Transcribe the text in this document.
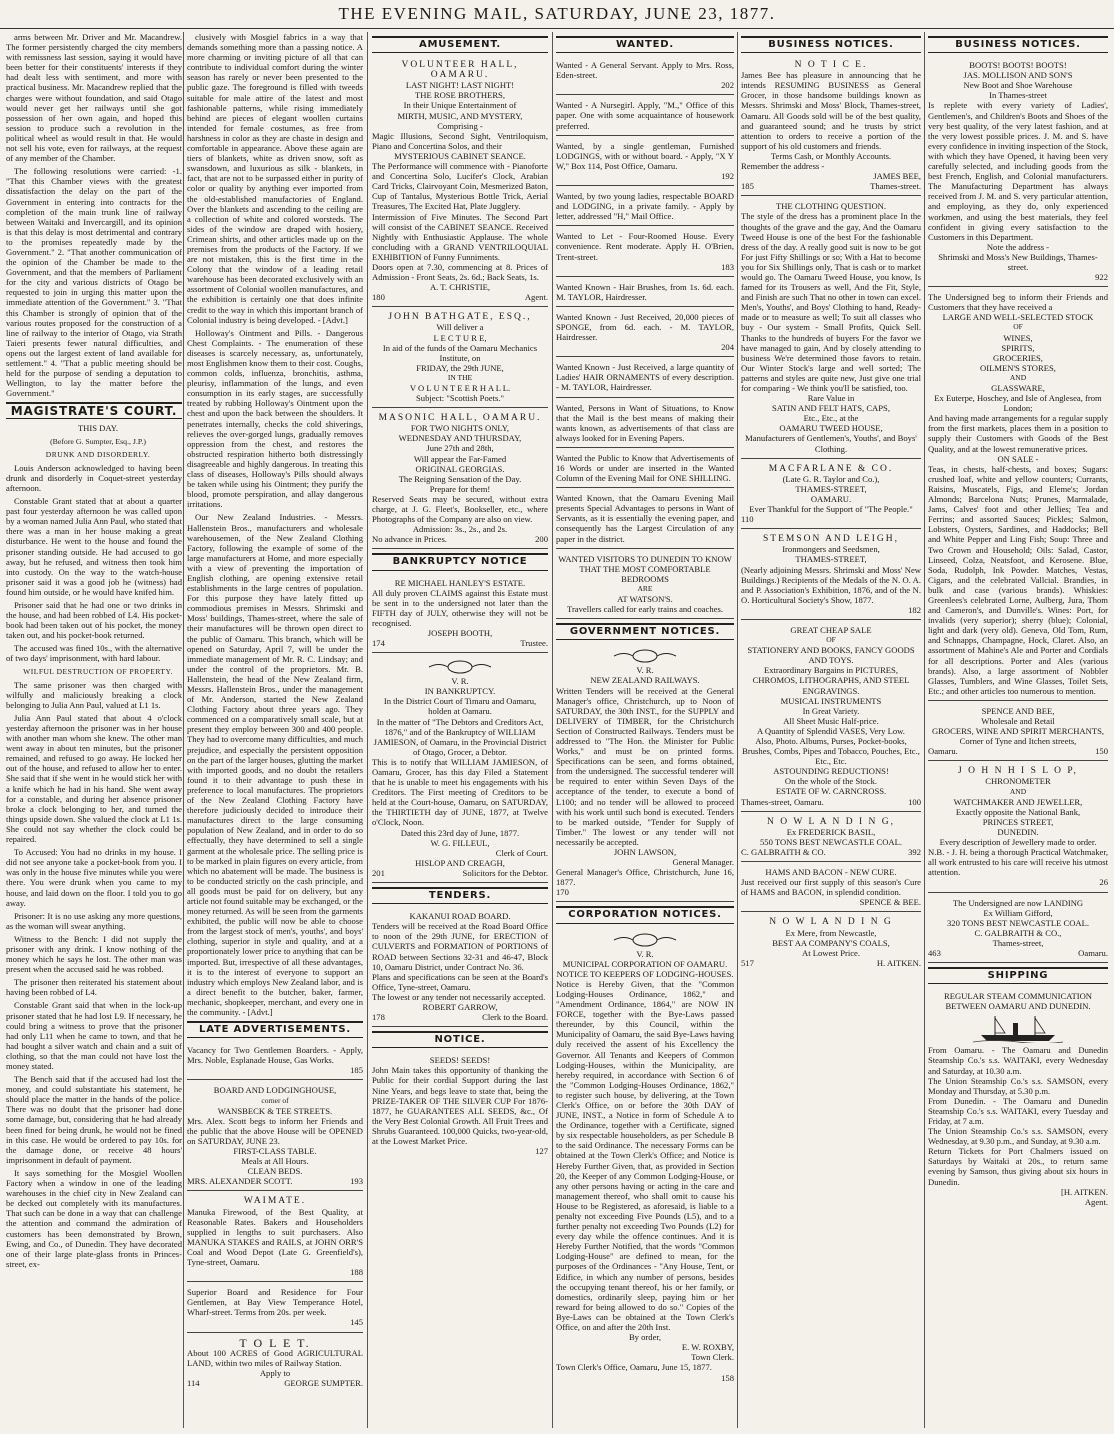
THE EVENING MAIL, SATURDAY, JUNE 23, 1877.

arms between Mr. Driver and Mr. Macandrew. The former persistently charged the city members with remissness last session, saying it would have been better for their constituents' interests if they had dealt less with sentiment, and more with practical business. Mr. Macandrew replied that the charges were without foundation, and said Otago would never get her railways until she got possession of her own again, and hoped this session to produce such a revolution in the political wheel as would result in that. He would not sell his vote, even for railways, at the request of any member of the Chamber.

The following resolutions were carried: -1. "That this Chamber views with the greatest dissatisfaction the delay on the part of the Government in entering into contracts for the completion of the main trunk line of railway between Waitaki and Invercargill, and its opinion is that this delay is most detrimental and contrary to the promises repeatedly made by the Government." 2. "That another communication of the opinion of the Chamber be made to the Government, and that the members of Parliament for the city and various districts of Otago be requested to join in urging this matter upon the immediate attention of the Government." 3. "That this Chamber is strongly of opinion that of the various routes proposed for the construction of a line of railway to the interior of Otago, via Strath Taieri presents fewer natural difficulties, and opens out the largest extent of land available for settlement." 4. "That a public meeting should be held for the purpose of sending a deputation to Wellington, to lay the matter before the Government."

MAGISTRATE'S COURT.

THIS DAY.

(Before G. Sumpter, Esq., J.P.)

DRUNK AND DISORDERLY.

Louis Anderson acknowledged to having been drunk and disorderly in Coquet-street yesterday afternoon.

Constable Grant stated that at about a quarter past four yesterday afternoon he was called upon by a woman named Julia Ann Paul, who stated that there was a man in her house making a great disturbance. He went to the house and found the prisoner standing outside. He had accused to go away, but he refused, and witness then took him into custody. On the way to the watch-house prisoner said it was a good job he (witness) had found him outside, or he would have knifed him.

Prisoner said that he had one or two drinks in the house, and had been robbed of L4. His pocket-book had been taken out of his pocket, the money taken out, and his pocket-book returned.

The accused was fined 10s., with the alternative of two days' imprisonment, with hard labour.

WILFUL DESTRUCTION OF PROPERTY.

The same prisoner was then charged with wilfully and maliciously breaking a clock belonging to Julia Ann Paul, valued at L1 1s.

Julia Ann Paul stated that about 4 o'clock yesterday afternoon the prisoner was in her house with another man whom she knew. The other man went away in about ten minutes, but the prisoner remained, and refused to go away. He locked her out of the house, and refused to allow her to enter. She said that if she went in he would stick her with a knife which he had in his hand. She went away for a constable, and during her absence prisoner broke a clock belonging to her, and turned the things upside down. She valued the clock at L1 1s. She could not say whether the clock could be repaired.

To Accused: You had no drinks in my house. I did not see anyone take a pocket-book from you. I was only in the house five minutes while you were there. You were drunk when you came to my house, and laid down on the floor. I told you to go away.

Prisoner: It is no use asking any more questions, as the woman will swear anything.

Witness to the Bench: I did not supply the prisoner with any drink. I know nothing of the money which he says he lost. The other man was present when the accused said he was robbed.

The prisoner then reiterated his statement about having been robbed of L4.

Constable Grant said that when in the lock-up prisoner stated that he had lost L9. If necessary, he could bring a witness to prove that the prisoner had only L11 when he came to town, and that he had bought a silver watch and chain and a suit of clothing, so that the man could not have lost the money stated.

The Bench said that if the accused had lost the money, and could substantiate his statement, he should place the matter in the hands of the police. There was no doubt that the prisoner had done some damage, but, considering that he had already been fined for being drunk, he would not be fined in this case. He would be ordered to pay 10s. for the damage done, or receive 48 hours' imprisonment in default of payment.

It says something for the Mosgiel Woollen Factory when a window in one of the leading warehouses in the chief city in New Zealand can be decked out completely with its manufactures. That such can be done in a way that can challenge the attention and command the admiration of customers has been demonstrated by Brown, Ewing, and Co., of Dunedin. They have decorated one of their large plate-glass fronts in Princes-street, ex-

clusively with Mosgiel fabrics in a way that demands something more than a passing notice. A more charming or inviting picture of all that can contribute to individual comfort during the winter season has rarely or never been presented to the public gaze. The foreground is filled with tweeds suitable for male attire of the latest and most fashionable patterns, while rising immediately behind are pieces of elegant woollen curtains intended for female costumes, as free from harshness in color as they are chaste in design and comfortable in appearance. Above these again are tiers of blankets, white as driven snow, soft as swansdown, and luxurious as silk - blankets, in fact, that are not to be surpassed either in purity of color or quality by anything ever imported from the old-established manufactories of England. Over the blankets and ascending to the ceiling are a collection of white and colored worsteds. The sides of the window are draped with hosiery, Crimean shirts, and other articles made up on the premises from the products of the Factory. If we are not mistaken, this is the first time in the Colony that the window of a leading retail warehouse has been decorated exclusively with an assortment of Colonial woollen manufactures, and the exhibition is certainly one that does infinite credit to the way in which this important branch of Colonial industry is being developed. - [Advt.]

Holloway's Ointment and Pills. - Dangerous Chest Complaints. - The enumeration of these diseases is scarcely necessary, as, unfortunately, most Englishmen know them to their cost. Coughs, common colds, influenza, bronchitis, asthma, pleurisy, inflammation of the lungs, and even consumption in its early stages, are successfully treated by rubbing Holloway's Ointment upon the chest and upon the back between the shoulders. It penetrates internally, checks the cold shiverings, relieves the over-gorged lungs, gradually removes oppression from the chest, and restores the obstructed respiration hitherto both distressingly disagreeable and highly dangerous. In treating this class of diseases, Holloway's Pills should always be taken while using his Ointment; they purify the blood, promote perspiration, and allay dangerous irritations.

Our New Zealand Industries. - Messrs. Hallenstein Bros., manufacturers and wholesale warehousemen, of the New Zealand Clothing Factory, following the example of some of the large manufacturers at Home, and more especially with a view of preventing the importation of English clothing, are opening extensive retail establishments in the large centres of population. For this purpose they have lately fitted up commodious premises in Messrs. Shrimski and Moss' buildings, Thames-street, where the sale of their manufactures will be thrown open direct to the public of Oamaru. This branch, which will be opened on Saturday, April 7, will be under the immediate management of Mr. R. C. Lindsay; and under the control of the proprietors. Mr. B. Hallenstein, the head of the New Zealand firm, Messrs. Hallenstein Bros., under the management of Mr. Anderson, started the New Zealand Clothing Factory about three years ago. They commenced on a comparatively small scale, but at present they employ between 300 and 400 people. They had to overcome many difficulties, and much prejudice, and especially the persistent opposition on the part of the larger houses, glutting the market with imported goods, and no doubt the retailers found it to their advantage to push these in preference to local manufactures. The proprietors of the New Zealand Clothing Factory have therefore judiciously decided to introduce their manufactures direct to the large consuming population of New Zealand, and in order to do so effectually, they have determined to sell a single garment at the wholesale price. The selling price is to be marked in plain figures on every article, from which no abatement will be made. The business is to be conducted strictly on the cash principle, and all goods must be paid for on delivery, but any article not found suitable may be exchanged, or the money returned. As will be seen from the garments exhibited, the public will now be able to choose from the largest stock of men's, youths', and boys' clothing, superior in style and quality, and at a proportionately lower price to anything that can be imported. But, irrespective of all these advantages, it is to the interest of everyone to support an industry which employs New Zealand labor, and is a direct benefit to the butcher, baker, farmer, mechanic, shopkeeper, merchant, and every one in the community. - [Advt.]

LATE ADVERTISEMENTS.
Vacancy for Two Gentlemen Boarders. - Apply, Mrs. Noble, Esplanade House, Gas Works.
185
BOARD AND LODGINGHOUSE,
corner of
WANSBECK & TEE STREETS.
Mrs. Alex. Scott begs to inform her Friends and the public that the above House will be OPENED on SATURDAY, JUNE 23.
FIRST-CLASS TABLE.
Meals at All Hours.
CLEAN BEDS.
MRS. ALEXANDER SCOTT.	193
WAIMATE.
Manuka Firewood, of the Best Quality, at Reasonable Rates. Bakers and Householders supplied in lengths to suit purchasers. Also MANUKA STAKES and RAILS, at JOHN ORR'S Coal and Wood Depot (Late G. Greenfield's), Tyne-street, Oamaru.
188
Superior Board and Residence for Four Gentlemen, at Bay View Temperance Hotel, Wharf-street. Terms from 20s. per week.
145
T O L E T.
About 100 ACRES of Good AGRICULTURAL LAND, within two miles of Railway Station.
Apply to
114	GEORGE SUMPTER.
AMUSEMENT.
VOLUNTEER HALL, OAMARU.
LAST NIGHT! LAST NIGHT!
THE ROSE BROTHERS,
In their Unique Entertainment of
MIRTH, MUSIC, AND MYSTERY,
Comprising -
Magic Illusions, Second Sight, Ventriloquism, Piano and Concertina Solos, and their
MYSTERIOUS CABINET SEANCE.
The Performance will commence with - Pianoforte and Concertina Solo, Lucifer's Clock, Arabian Card Tricks, Clairvoyant Coin, Mesmerized Baton, Cup of Tantalus, Mysterious Bottle Trick, Aerial Treasures, The Excited Hat, Plate Jugglery.
Intermission of Five Minutes. The Second Part will consist of the CABINET SEANCE. Received Nightly with Enthusiastic Applause. The whole concluding with a GRAND VENTRILOQUIAL EXHIBITION of Funny Funniments.
Doors open at 7.30, commencing at 8. Prices of Admission - Front Seats, 2s. 6d.; Back Seats, 1s.
A. T. CHRISTIE,
180	Agent.
JOHN BATHGATE, ESQ.,
Will deliver a
L E C T U R E,
In aid of the funds of the Oamaru Mechanics Institute, on
FRIDAY, the 29th JUNE,
IN THE
V O L U N T E E R H A L L.
Subject: "Scottish Poets."
MASONIC HALL, OAMARU.
FOR TWO NIGHTS ONLY,
WEDNESDAY AND THURSDAY,
June 27th and 28th,
Will appear the Far-Famed
ORIGINAL GEORGIAS.
The Reigning Sensation of the Day.
Prepare for them!
Reserved Seats may be secured, without extra charge, at J. G. Fleet's, Bookseller, etc., where Photographs of the Company are also on view.
Admission: 3s., 2s., and 2s.
No advance in Prices.	200
BANKRUPTCY NOTICE
RE MICHAEL HANLEY'S ESTATE.
All duly proven CLAIMS against this Estate must be sent in to the undersigned not later than the FIFTH day of JULY, otherwise they will not be recognised.
JOSEPH BOOTH,
174	Trustee.
V. R.
IN BANKRUPTCY.
In the District Court of Timaru and Oamaru, holden at Oamaru.
In the matter of "The Debtors and Creditors Act, 1876," and of the Bankruptcy of WILLIAM JAMIESON, of Oamaru, in the Provincial District of Otago, Grocer, a Debtor.
This is to notify that WILLIAM JAMIESON, of Oamaru, Grocer, has this day Filed a Statement that he is unable to meet his engagements with his Creditors. The First meeting of Creditors to be held at the Court-house, Oamaru, on SATURDAY, the THIRTIETH day of JUNE, 1877, at Twelve o'Clock, Noon.
Dated this 23rd day of June, 1877.
W. G. FILLEUL,
Clerk of Court.
HISLOP AND CREAGH,
201	Solicitors for the Debtor.
TENDERS.
KAKANUI ROAD BOARD.
Tenders will be received at the Road Board Office to noon of the 29th JUNE, for ERECTION of CULVERTS and FORMATION of PORTIONS of ROAD between Sections 32-31 and 46-47, Block 10, Oamaru District, under Contract No. 36.
Plans and specifications can be seen at the Board's Office, Tyne-street, Oamaru.
The lowest or any tender not necessarily accepted.
ROBERT GARROW,
178	Clerk to the Board.
NOTICE.
SEEDS! SEEDS!
John Main takes this opportunity of thanking the Public for their cordial Support during the last Nine Years, and begs leave to state that, being the PRIZE-TAKER OF THE SILVER CUP For 1876-1877, he GUARANTEES ALL SEEDS, &c., Of the Very Best Colonial Growth. All Fruit Trees and Shrubs Guaranteed. 100,000 Quicks, two-year-old, at the Lowest Market Price.
127
WANTED.
Wanted - A General Servant. Apply to Mrs. Ross, Eden-street.
202
Wanted - A Nursegirl. Apply, "M.," Office of this paper. One with some acquaintance of housework preferred.
Wanted, by a single gentleman, Furnished LODGINGS, with or without board. - Apply, "X Y W," Box 114, Post Office, Oamaru.
192
Wanted, by two young ladies, respectable BOARD and LODGING, in a private family. - Apply by letter, addressed "H," Mail Office.
Wanted to Let - Four-Roomed House. Every convenience. Rent moderate. Apply H. O'Brien, Trent-street.
183
Wanted Known - Hair Brushes, from 1s. 6d. each. M. TAYLOR, Hairdresser.
Wanted Known - Just Received, 20,000 pieces of SPONGE, from 6d. each. - M. TAYLOR, Hairdresser.
204
Wanted Known - Just Received, a large quantity of Ladies' HAIR ORNAMENTS of every description. - M. TAYLOR, Hairdresser.
Wanted, Persons in Want of Situations, to Know that the Mail is the best means of making their wants known, as advertisements of that class are always looked for in Evening Papers.
Wanted the Public to Know that Advertisements of 16 Words or under are inserted in the Wanted Column of the Evening Mail for ONE SHILLING.
Wanted Known, that the Oamaru Evening Mail presents Special Advantages to persons in Want of Servants, as it is essentially the evening paper, and consequently has the Largest Circulation of any paper in the district.
WANTED VISITORS TO DUNEDIN TO KNOW
THAT THE MOST COMFORTABLE BEDROOMS
ARE
AT WATSON'S.
Travellers called for early trains and coaches.
GOVERNMENT NOTICES.
V. R.
NEW ZEALAND RAILWAYS.
Written Tenders will be received at the General Manager's office, Christchurch, up to Noon of SATURDAY, the 30th INST., for the SUPPLY and DELIVERY of TIMBER, for the Christchurch Section of Constructed Railways. Tenders must be addressed to "The Hon. the Minister for Public Works," and must be on printed forms. Specifications can be seen, and forms obtained, from the undersigned. The successful tenderer will be required to enter within Seven Days of the acceptance of the tender, to execute a bond of L100; and no tender will be allowed to proceed with his work until such bond is executed. Tenders to be marked outside, "Tender for Supply of Timber." The lowest or any tender will not necessarily be accepted.
JOHN LAWSON,
General Manager.
General Manager's Office, Christchurch, June 16, 1877.
170
CORPORATION NOTICES.
V. R.
MUNICIPAL CORPORATION OF OAMARU.
NOTICE TO KEEPERS OF LODGING-HOUSES.
Notice is Hereby Given, that the "Common Lodging-Houses Ordinance, 1862," and "Amendment Ordinance, 1864," are NOW IN FORCE, together with the Bye-Laws passed thereunder, by this Council, within the Municipality of Oamaru, the said Bye-Laws having duly received the assent of his Excellency the Governor. All Tenants and Keepers of Common Lodging-Houses, within the Municipality, are hereby required, in accordance with Section 6 of the "Common Lodging-Houses Ordinance, 1862," to register such house, by delivering, at the Town Clerk's Office, on or before the 30th DAY of JUNE, INST., a Notice in form of Schedule A to the Ordinance, together with a Certificate, signed by six respectable householders, as per Schedule B to the said Ordinance. The necessary Forms can be obtained at the Town Clerk's Office; and Notice is Hereby Further Given, that, as provided in Section 20, the Keeper of any Common Lodging-House, or any other persons having or acting in the care and management thereof, who shall omit to cause his House to be Registered, as aforesaid, is liable to a penalty not exceeding Five Pounds (L5), and to a further penalty not exceeding Two Pounds (L2) for every day while the offence continues. And it is Hereby Further Notified, that the words "Common Lodging-House" are defined to mean, for the purposes of the Ordinances - "Any House, Tent, or Edifice, in which any number of persons, besides the occupying tenant thereof, his or her family, or domestics, ordinarily sleep, paying him or her reward for being allowed to do so." Copies of the Bye-Laws can be obtained at the Town Clerk's Office, on and after the 20th Inst.
By order,
E. W. ROXBY,
Town Clerk.
Town Clerk's Office, Oamaru, June 15, 1877.
158
BUSINESS NOTICES.
N O T I C E.
James Bee has pleasure in announcing that he intends RESUMING BUSINESS as General Grocer, in those handsome buildings known as Messrs. Shrimski and Moss' Block, Thames-street, Oamaru. All Goods sold will be of the best quality, and guaranteed sound; and he trusts by strict attention to orders to receive a portion of the support of his old customers and friends.
Terms Cash, or Monthly Accounts.
Remember the address -
JAMES BEE,
185	Thames-street.
THE CLOTHING QUESTION.
The style of the dress has a prominent place In the thoughts of the grave and the gay, And the Oamaru Tweed House is one of the best For the fashionable dress of the day. A really good suit is now to be got For just Fifty Shillings or so; With a Hat to become you for Six Shillings only, That is cash or to market would go. The Oamaru Tweed House, you know, Is famed for its Trousers as well, And the Fit, Style, and Finish are such That no other in town can excel. Men's, Youths', and Boys' Clothing to hand, Ready-made or to measure as well; To suit all classes who buy - Our system - Small Profits, Quick Sell. Thanks to the hundreds of buyers For the favor we have managed to gain, And by closely attending to business We're determined those favors to retain. Our Winter Stock's large and well sorted; The patterns and styles are quite new, Just give one trial for comparing - We think you'll be satisfied, too.
Rare Value in
SATIN AND FELT HATS, CAPS,
Etc., Etc., at the
OAMARU TWEED HOUSE,
Manufacturers of Gentlemen's, Youths', and Boys' Clothing.
MACFARLANE & CO.
(Late G. R. Taylor and Co.),
THAMES-STREET,
OAMARU.
Ever Thankful for the Support of "The People."
110
STEMSON AND LEIGH,
Ironmongers and Seedsmen,
THAMES-STREET,
(Nearly adjoining Messrs. Shrimski and Moss' New Buildings.) Recipients of the Medals of the N. O. A. and P. Association's Exhibition, 1876, and of the N. O. Horticultural Society's Show, 1877.
182
GREAT CHEAP SALE
OF
STATIONERY AND BOOKS, FANCY GOODS AND TOYS.
Extraordinary Bargains in PICTURES, CHROMOS, LITHOGRAPHS, AND STEEL ENGRAVINGS.
MUSICAL INSTRUMENTS
In Great Variety.
All Sheet Music Half-price.
A Quantity of Splendid VASES, Very Low.
Also, Photo. Albums, Purses, Pocket-books, Brushes, Combs, Pipes and Tobacco, Pouches, Etc., Etc., Etc.
ASTOUNDING REDUCTIONS!
On the whole of the Stock.
ESTATE OF W. CARNCROSS.
Thames-street, Oamaru.	100
N O W L A N D I N G,
Ex FREDERICK BASIL,
550 TONS BEST NEWCASTLE COAL.
C. GALBRAITH & CO.	392
HAMS AND BACON - NEW CURE.
Just received our first supply of this season's Cure of HAMS and BACON, in splendid condition.
SPENCE & BEE.
N O W L A N D I N G
Ex Mere, from Newcastle,
BEST AA COMPANY'S COALS,
At Lowest Price.
517	H. AITKEN.
BUSINESS NOTICES.
BOOTS! BOOTS! BOOTS!
JAS. MOLLISON AND SON'S
New Boot and Shoe Warehouse
In Thames-street
Is replete with every variety of Ladies', Gentlemen's, and Children's Boots and Shoes of the very best quality, of the very latest fashion, and at the very lowest possible prices. J. M. and S. have every confidence in inviting inspection of the Stock, with which they have Opened, it having been very carefully selected, and including goods from the best French, English, and Colonial manufacturers. The Manufacturing Department has always received from J. M. and S. very particular attention, and employing, as they do, only experienced workmen, and using the best materials, they feel confident in giving every satisfaction to the Customers in this Department.
Note the address -
Shrimski and Moss's New Buildings, Thames-street.
922
The Undersigned beg to inform their Friends and Customers that they have received a
LARGE AND WELL-SELECTED STOCK
OF
WINES,
SPIRITS,
GROCERIES,
OILMEN'S STORES,
AND
GLASSWARE,
Ex Euterpe, Hoschey, and Isle of Anglesea, from London;
And having made arrangements for a regular supply from the first markets, places them in a position to supply their Customers with Goods of the Best Quality, and at the lowest remunerative prices.
ON SALE -
Teas, in chests, half-chests, and boxes; Sugars: crushed loaf, white and yellow counters; Currants, Raisins, Muscatels, Figs, and Eleme's; Jordan Almonds; Barcelona Nuts; Prunes, Marmalade, Jams, Calves' foot and other Jellies; Tea and Ferrins; and assorted Sauces; Pickles; Salmon, Lobsters, Oysters, Sardines, and Haddocks; Bell and White Pepper and Ling Fish; Soup: Three and Two Crown and Household; Oils: Salad, Castor, Linseed, Colza, Neatsfoot, and Kerosene. Blue, Soda, Rudolph, Ink Powder. Matches, Vestas, Cigars, and the celebrated Vallcial. Brandies, in bulk and case (various brands). Whiskies: Greenlees's celebrated Lorne, Aulberg, Jura, Thom and Cameron's, and Dunville's. Wines: Port, for invalids (very superior); sherry (blue); Colonial, light and dark (very old). Geneva, Old Tom, Rum, and Schnapps, Champagne, Hock, Claret. Also, an assortment of Mahine's Ale and Porter and Cordials for all descriptions. Porter and Ales (various brands). Also, a large assortment of Nobbler Glasses, Tumblers, and Wine Glasses, Toilet Sets, Etc.; and other articles too numerous to mention.
SPENCE AND BEE,
Wholesale and Retail
GROCERS, WINE AND SPIRIT MERCHANTS,
Corner of Tyne and Itchen streets,
Oamaru.	150
J O H N H I S L O P,
CHRONOMETER
AND
WATCHMAKER AND JEWELLER,
Exactly opposite the National Bank,
PRINCES STREET,
DUNEDIN.
Every description of Jewellery made to order.
N.B. - J. H. being a thorough Practical Watchmaker, all work entrusted to his care will receive his utmost attention.
26
The Undersigned are now LANDING
Ex William Gifford,
320 TONS BEST NEWCASTLE COAL.
C. GALBRAITH & CO.,
Thames-street,
463	Oamaru.
SHIPPING
REGULAR STEAM COMMUNICATION BETWEEN OAMARU AND DUNEDIN.
From Oamaru. - The Oamaru and Dunedin Steamship Co.'s s.s. WAITAKI, every Wednesday and Saturday, at 10.30 a.m.
The Union Steamship Co.'s s.s. SAMSON, every Monday and Thursday, at 5.30 p.m.
From Dunedin. - The Oamaru and Dunedin Steamship Co.'s s.s. WAITAKI, every Tuesday and Friday, at 7 a.m.
The Union Steamship Co.'s s.s. SAMSON, every Wednesday, at 9.30 p.m., and Sunday, at 9.30 a.m.
Return Tickets for Port Chalmers issued on Saturdays by Waitaki at 20s., to return same evening by Samson, thus giving about six hours in Dunedin.
[H. AITKEN.
Agent.
